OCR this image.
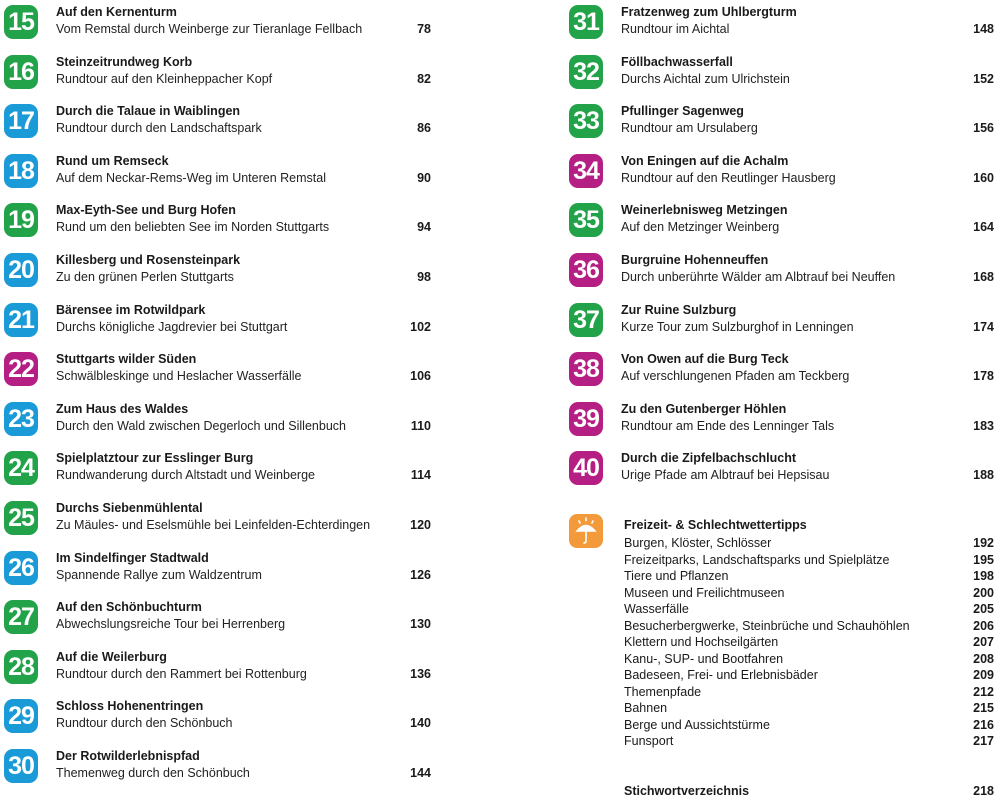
15	Auf den Kernenturm
Vom Remstal durch Weinberge zur Tieranlage Fellbach	78
16	Steinzeitrundweg Korb
Rundtour auf den Kleinheppacher Kopf	82
17	Durch die Talaue in Waiblingen
Rundtour durch den Landschaftspark	86
18	Rund um Remseck
Auf dem Neckar-Rems-Weg im Unteren Remstal	90
19	Max-Eyth-See und Burg Hofen
Rund um den beliebten See im Norden Stuttgarts	94
20	Killesberg und Rosensteinpark
Zu den grünen Perlen Stuttgarts	98
21	Bärensee im Rotwildpark
Durchs königliche Jagdrevier bei Stuttgart	102
22	Stuttgarts wilder Süden
Schwälbleskinge und Heslacher Wasserfälle	106
23	Zum Haus des Waldes
Durch den Wald zwischen Degerloch und Sillenbuch	110
24	Spielplatztour zur Esslinger Burg
Rundwanderung durch Altstadt und Weinberge	114
25	Durchs Siebenmühlental
Zu Mäules- und Eselsmühle bei Leinfelden-Echterdingen	120
26	Im Sindelfinger Stadtwald
Spannende Rallye zum Waldzentrum	126
27	Auf den Schönbuchturm
Abwechslungsreiche Tour bei Herrenberg	130
28	Auf die Weilerburg
Rundtour durch den Rammert bei Rottenburg	136
29	Schloss Hohenentringen
Rundtour durch den Schönbuch	140
30	Der Rotwilderlebnispfad
Themenweg durch den Schönbuch	144
Freizeit- & Schlechtwettertipps
Burgen, Klöster, Schlösser	192
Freizeitparks, Landschaftsparks und Spielplätze	195
Tiere und Pflanzen	198
Museen und Freilichtmuseen	200
Wasserfälle	205
Besucherbergwerke, Steinbrüche und Schauhöhlen	206
Klettern und Hochseilgärten	207
Kanu-, SUP- und Bootfahren	208
Badeseen, Frei- und Erlebnisbäder	209
Themenpfade	212
Bahnen	215
Berge und Aussichtstürme	216
Funsport	217
Stichwortverzeichnis	218
31	Fratzenweg zum Uhlbergturm
Rundtour im Aichtal	148
32	Föllbachwasserfall
Durchs Aichtal zum Ulrichstein	152
33	Pfullinger Sagenweg
Rundtour am Ursulaberg	156
34	Von Eningen auf die Achalm
Rundtour auf den Reutlinger Hausberg	160
35	Weinerlebnisweg Metzingen
Auf den Metzinger Weinberg	164
36	Burgruine Hohenneuffen
Durch unberührte Wälder am Albtrauf bei Neuffen	168
37	Zur Ruine Sulzburg
Kurze Tour zum Sulzburghof in Lenningen	174
38	Von Owen auf die Burg Teck
Auf verschlungenen Pfaden am Teckberg	178
39	Zu den Gutenberger Höhlen
Rundtour am Ende des Lenninger Tals	183
40	Durch die Zipfelbachschlucht
Urige Pfade am Albtrauf bei Hepsisau	188
